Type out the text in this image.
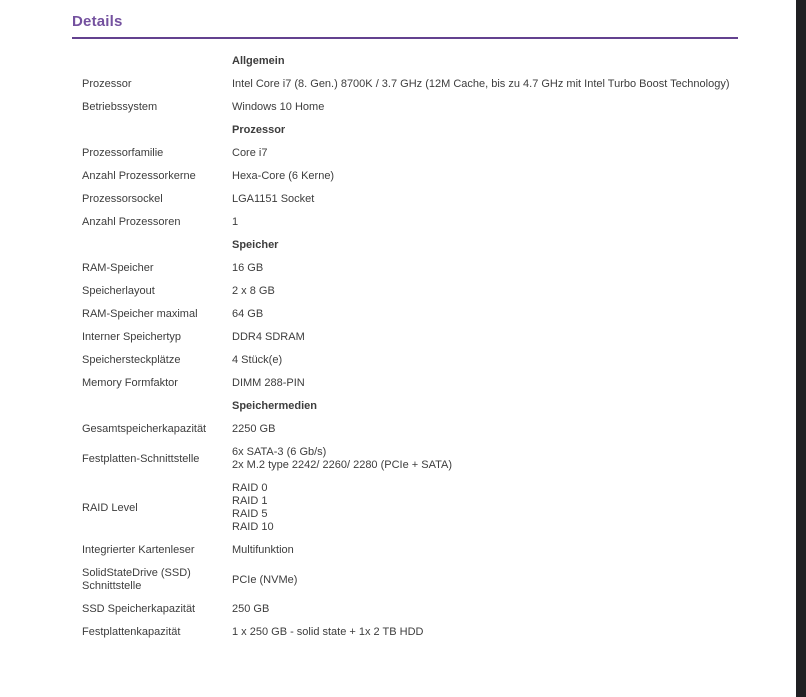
Details
	Allgemein
Prozessor	Intel Core i7 (8. Gen.) 8700K / 3.7 GHz (12M Cache, bis zu 4.7 GHz mit Intel Turbo Boost Technology)

Betriebssystem	Windows 10 Home

	Prozessor
Prozessorfamilie	Core i7

Anzahl Prozessorkerne	Hexa-Core (6 Kerne)

Prozessorsockel	LGA1151 Socket

Anzahl Prozessoren	1

	Speicher
RAM-Speicher	16 GB

Speicherlayout	2 x 8 GB

RAM-Speicher maximal	64 GB

Interner Speichertyp	DDR4 SDRAM

Speichersteckplätze	4 Stück(e)

Memory Formfaktor	DIMM 288-PIN

	Speichermedien
Gesamtspeicherkapazität	2250 GB

Festplatten-Schnittstelle	6x SATA-3 (6 Gb/s)
2x M.2 type 2242/ 2260/ 2280 (PCIe + SATA)

RAID Level	RAID 0
RAID 1
RAID 5
RAID 10

Integrierter Kartenleser	Multifunktion

SolidStateDrive (SSD) Schnittstelle	PCIe (NVMe)

SSD Speicherkapazität	250 GB

Festplattenkapazität	1 x 250 GB - solid state + 1x 2 TB HDD
